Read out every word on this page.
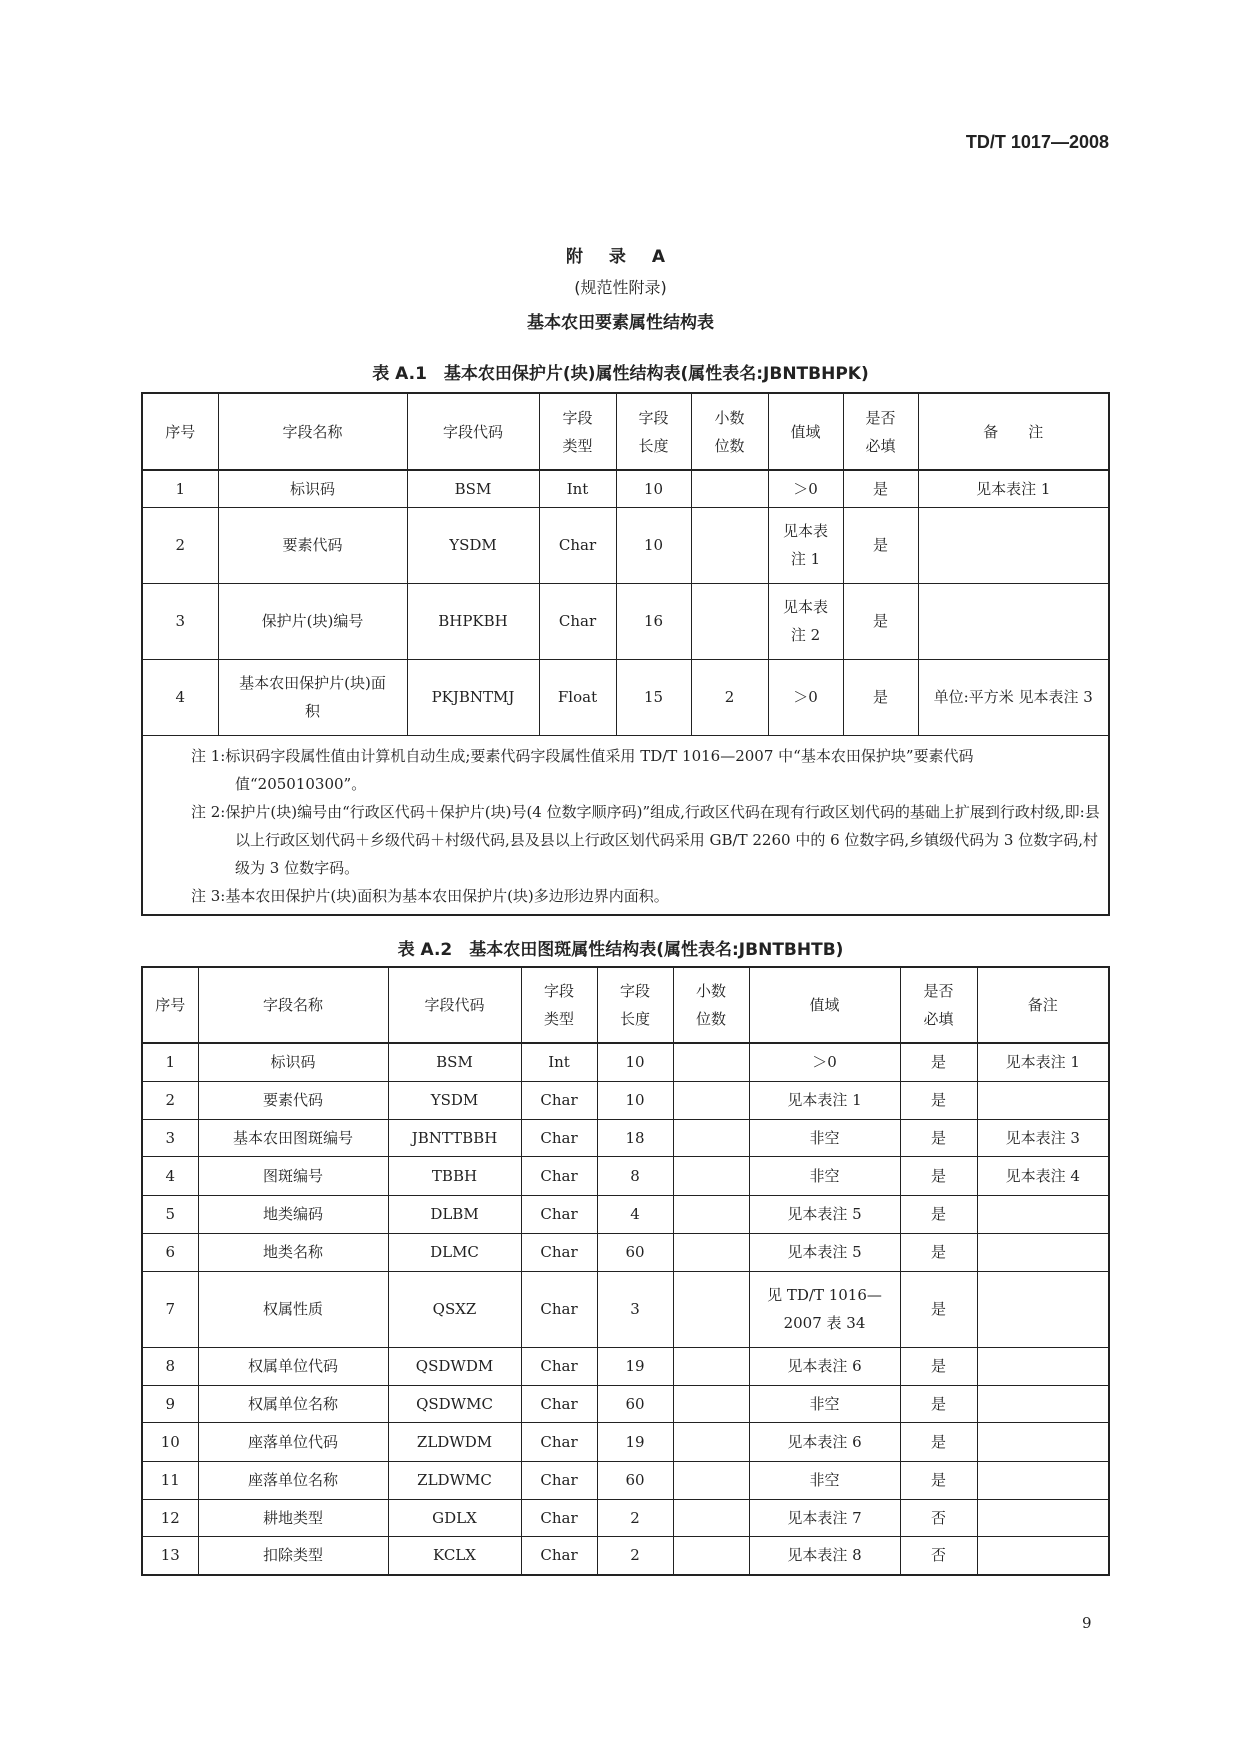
TD/T 1017—2008
附 录 A
(规范性附录)
基本农田要素属性结构表
表 A.1　基本农田保护片(块)属性结构表(属性表名:JBNTBHPK)
序号	字段名称	字段代码	字段类型	字段长度	小数位数	值域	是否必填	备　　注
1	标识码	BSM	Int	10		＞0	是	见本表注 1
2	要素代码	YSDM	Char	10		见本表注 1	是	
3	保护片(块)编号	BHPKBH	Char	16		见本表注 2	是	
4	基本农田保护片(块)面积	PKJBNTMJ	Float	15	2	＞0	是	单位:平方米 见本表注 3

注 1:标识码字段属性值由计算机自动生成;要素代码字段属性值采用 TD/T 1016—2007 中“基本农田保护块”要素代码值“205010300”。
注 2:保护片(块)编号由“行政区代码＋保护片(块)号(4 位数字顺序码)”组成,行政区代码在现有行政区划代码的基础上扩展到行政村级,即:县以上行政区划代码＋乡级代码＋村级代码,县及县以上行政区划代码采用 GB/T 2260 中的 6 位数字码,乡镇级代码为 3 位数字码,村级为 3 位数字码。
注 3:基本农田保护片(块)面积为基本农田保护片(块)多边形边界内面积。								
表 A.2　基本农田图斑属性结构表(属性表名:JBNTBHTB)
序号	字段名称	字段代码	字段类型	字段长度	小数位数	值域	是否必填	备注
1	标识码	BSM	Int	10		＞0	是	见本表注 1
2	要素代码	YSDM	Char	10		见本表注 1	是	
3	基本农田图斑编号	JBNTTBBH	Char	18		非空	是	见本表注 3
4	图斑编号	TBBH	Char	8		非空	是	见本表注 4
5	地类编码	DLBM	Char	4		见本表注 5	是	
6	地类名称	DLMC	Char	60		见本表注 5	是	
7	权属性质	QSXZ	Char	3		见 TD/T 1016—2007 表 34	是	
8	权属单位代码	QSDWDM	Char	19		见本表注 6	是	
9	权属单位名称	QSDWMC	Char	60		非空	是	
10	座落单位代码	ZLDWDM	Char	19		见本表注 6	是	
11	座落单位名称	ZLDWMC	Char	60		非空	是	
12	耕地类型	GDLX	Char	2		见本表注 7	否	
13	扣除类型	KCLX	Char	2		见本表注 8	否	
9
